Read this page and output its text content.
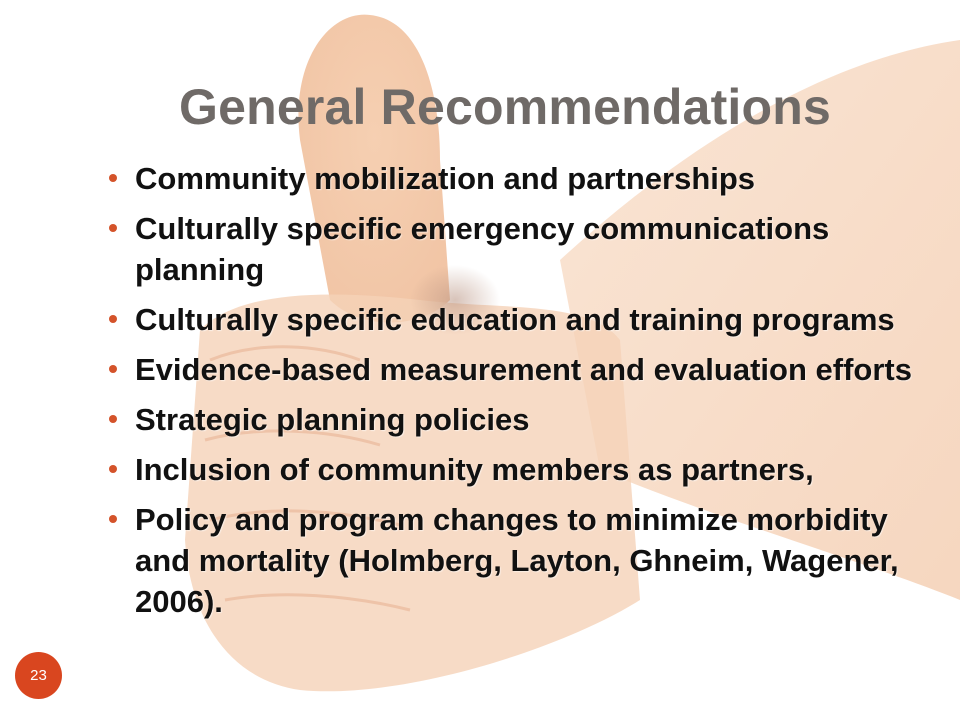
General Recommendations
Community mobilization and partnerships
Culturally specific emergency communications planning
Culturally specific education and training programs
Evidence-based measurement and evaluation efforts
Strategic planning policies
Inclusion of community members as partners,
Policy and program changes to minimize morbidity and mortality (Holmberg, Layton, Ghneim, Wagener, 2006).
23
